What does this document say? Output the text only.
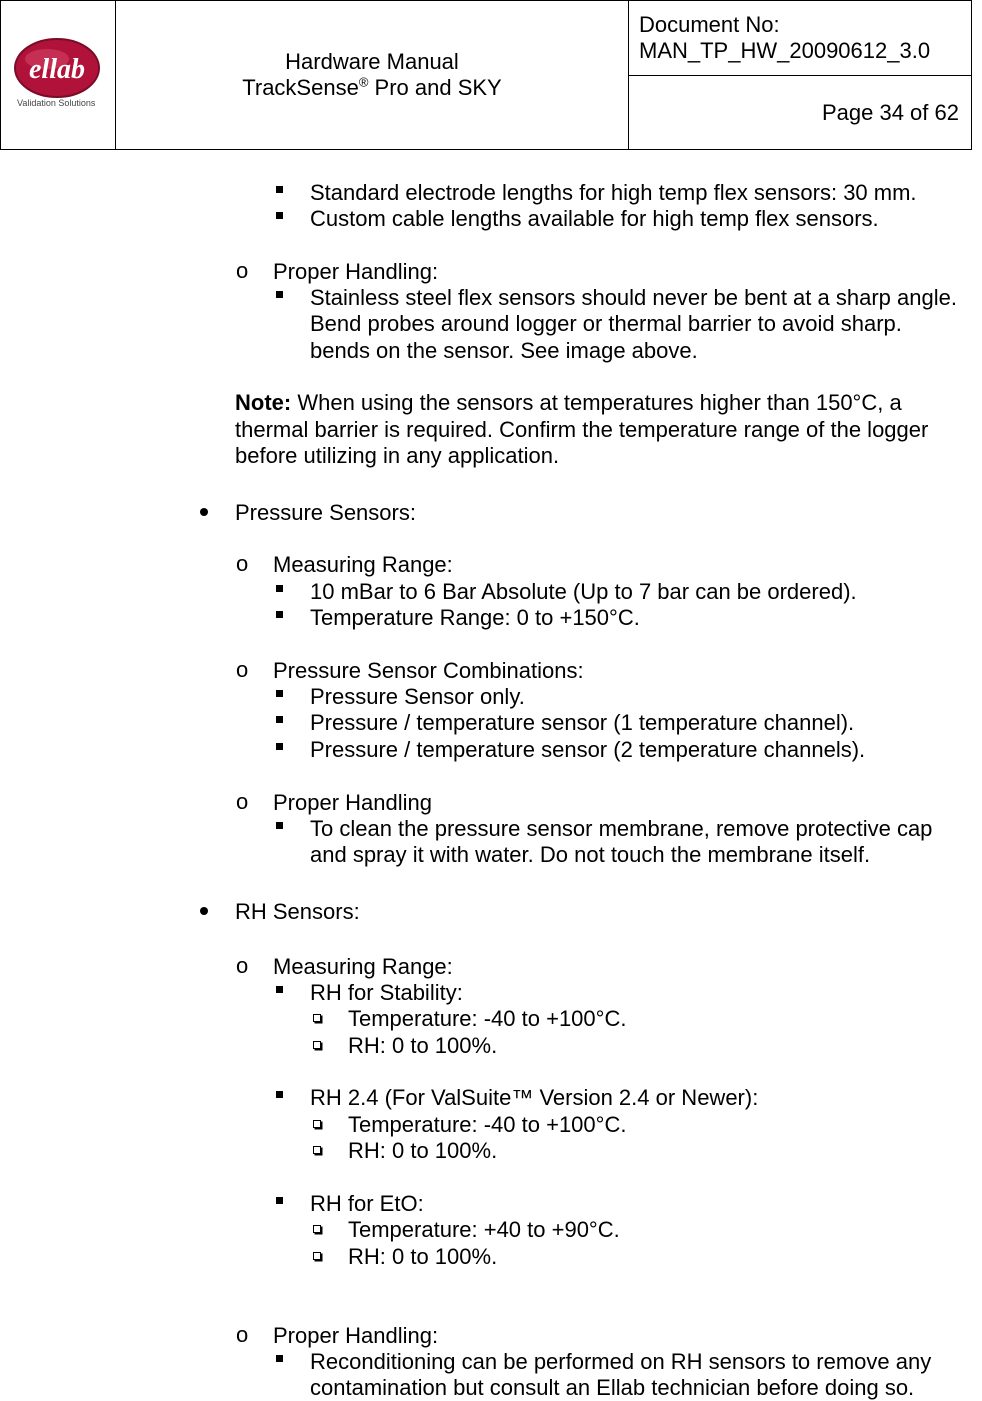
ellab
Validation Solutions

Hardware Manual
TrackSense® Pro and SKY

Document No:
MAN_TP_HW_20090612_3.0

Page 34 of 62
Standard electrode lengths for high temp flex sensors: 30 mm.
Custom cable lengths available for high temp flex sensors.
o Proper Handling:
Stainless steel flex sensors should never be bent at a sharp angle.
Bend probes around logger or thermal barrier to avoid sharp.
bends on the sensor. See image above.
Note: When using the sensors at temperatures higher than 150°C, a
thermal barrier is required. Confirm the temperature range of the logger
before utilizing in any application.
Pressure Sensors:
o Measuring Range:
10 mBar to 6 Bar Absolute (Up to 7 bar can be ordered).
Temperature Range: 0 to +150°C.
o Pressure Sensor Combinations:
Pressure Sensor only.
Pressure / temperature sensor (1 temperature channel).
Pressure / temperature sensor (2 temperature channels).
o Proper Handling
To clean the pressure sensor membrane, remove protective cap
and spray it with water. Do not touch the membrane itself.
RH Sensors:
o Measuring Range:
RH for Stability:
Temperature: -40 to +100°C.
RH: 0 to 100%.
RH 2.4 (For ValSuite™ Version 2.4 or Newer):
Temperature: -40 to +100°C.
RH: 0 to 100%.
RH for EtO:
Temperature: +40 to +90°C.
RH: 0 to 100%.
o Proper Handling:
Reconditioning can be performed on RH sensors to remove any
contamination but consult an Ellab technician before doing so.
